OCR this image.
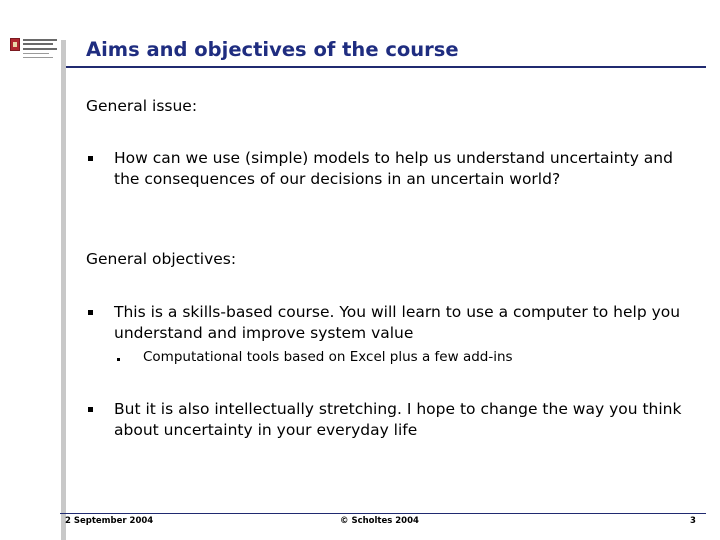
Aims and objectives of the course
General issue:
How can we use (simple) models to help us understand uncertainty and the consequences of our decisions in an uncertain world?
General objectives:
This is a skills-based course. You will learn to use a computer to help you understand and improve system value
Computational tools based on Excel plus a few add-ins
But it is also intellectually stretching. I hope to change the way you think about uncertainty in your everyday life
2 September 2004	© Scholtes 2004	3
